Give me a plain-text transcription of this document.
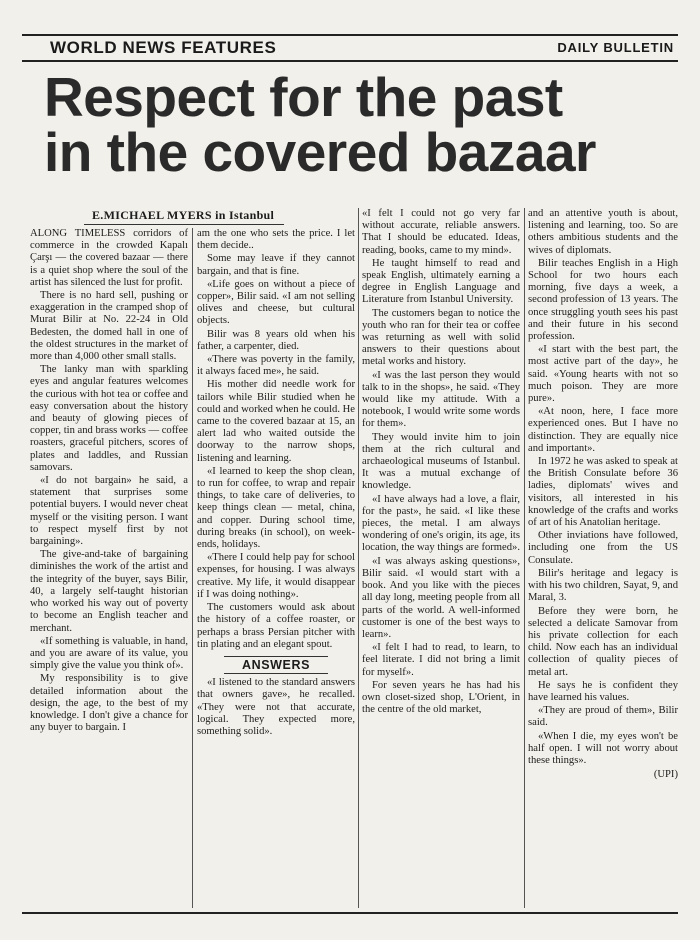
WORLD NEWS FEATURES	DAILY BULLETIN
Respect for the past
in the covered bazaar
E.MICHAEL MYERS in Istanbul

ALONG TIMELESS corridors of commerce in the crowded Kapalı Çarşı — the covered bazaar — there is a quiet shop where the soul of the artist has silenced the lust for profit.

There is no hard sell, pushing or exaggeration in the cramped shop of Murat Bilir at No. 22-24 in Old Bedesten, the domed hall in one of the oldest structures in the market of more than 4,000 other small stalls.

The lanky man with sparkling eyes and angular features welcomes the curious with hot tea or coffee and easy conversation about the history and beauty of glowing pieces of copper, tin and brass works — coffee roasters, graceful pitchers, scores of plates and laddles, and Russian samovars.

«I do not bargain» he said, a statement that surprises some potential buyers. I would never cheat myself or the visiting person. I want to respect myself first by not bargaining».

The give-and-take of bargaining diminishes the work of the artist and the integrity of the buyer, says Bilir, 40, a largely self-taught historian who worked his way out of poverty to become an English teacher and merchant.

«If something is valuable, in hand, and you are aware of its value, you simply give the value you think of».

My responsibility is to give detailed information about the design, the age, to the best of my knowledge. I don't give a chance for any buyer to bargain. I

am the one who sets the price. I let them decide..

Some may leave if they cannot bargain, and that is fine.

«Life goes on without a piece of copper», Bilir said. «I am not selling olives and cheese, but cultural objects.

Bilir was 8 years old when his father, a carpenter, died.

«There was poverty in the family, it always faced me», he said.

His mother did needle work for tailors while Bilir studied when he could and worked when he could. He came to the covered bazaar at 15, an alert lad who waited outside the doorway to the narrow shops, listening and learning.

«I learned to keep the shop clean, to run for coffee, to wrap and repair things, to take care of deliveries, to keep things clean — metal, china, and copper. During school time, during breaks (in school), on week-ends, holidays.

«There I could help pay for school expenses, for housing. I was always creative. My life, it would disappear if I was doing nothing».

The customers would ask about the history of a coffee roaster, or perhaps a brass Persian pitcher with tin plating and an elegant spout.

ANSWERS

«I listened to the standard answers that owners gave», he recalled. «They were not that accurate, logical. They expected more, something solid».

«I felt I could not go very far without accurate, reliable answers. That I should be educated. Ideas, reading, books, came to my mind».

He taught himself to read and speak English, ultimately earning a degree in English Language and Literature from Istanbul University.

The customers began to notice the youth who ran for their tea or coffee was returning as well with solid answers to their questions about metal works and history.

«I was the last person they would talk to in the shops», he said. «They would like my attitude. With a notebook, I would write some words for them».

They would invite him to join them at the rich cultural and archaeological museums of Istanbul. It was a mutual exchange of knowledge.

«I have always had a love, a flair, for the past», he said. «I like these pieces, the metal. I am always wondering of one's origin, its age, its location, the way things are formed».

«I was always asking questions», Bilir said. «I would start with a book. And you like with the pieces all day long, meeting people from all parts of the world. A well-informed customer is one of the best ways to learn».

«I felt I had to read, to learn, to feel literate. I did not bring a limit for myself».

For seven years he has had his own closet-sized shop, L'Orient, in the centre of the old market,

and an attentive youth is about, listening and learning, too. So are others ambitious students and the wives of diplomats.

Bilir teaches English in a High School for two hours each morning, five days a week, a second profession of 13 years. The once struggling youth sees his past and their future in his second profession.

«I start with the best part, the most active part of the day», he said. «Young hearts with not so much poison. They are more pure».

«At noon, here, I face more experienced ones. But I have no distinction. They are equally nice and important».

In 1972 he was asked to speak at the British Consulate before 36 ladies, diplomats' wives and visitors, all interested in his knowledge of the crafts and works of art of his Anatolian heritage.

Other inviations have followed, including one from the US Consulate.

Bilir's heritage and legacy is with his two children, Sayat, 9, and Maral, 3.

Before they were born, he selected a delicate Samovar from his private collection for each child. Now each has an individual collection of quality pieces of metal art.

He says he is confident they have learned his values.

«They are proud of them», Bilir said.

«When I die, my eyes won't be half open. I will not worry about these things».

(UPI)
